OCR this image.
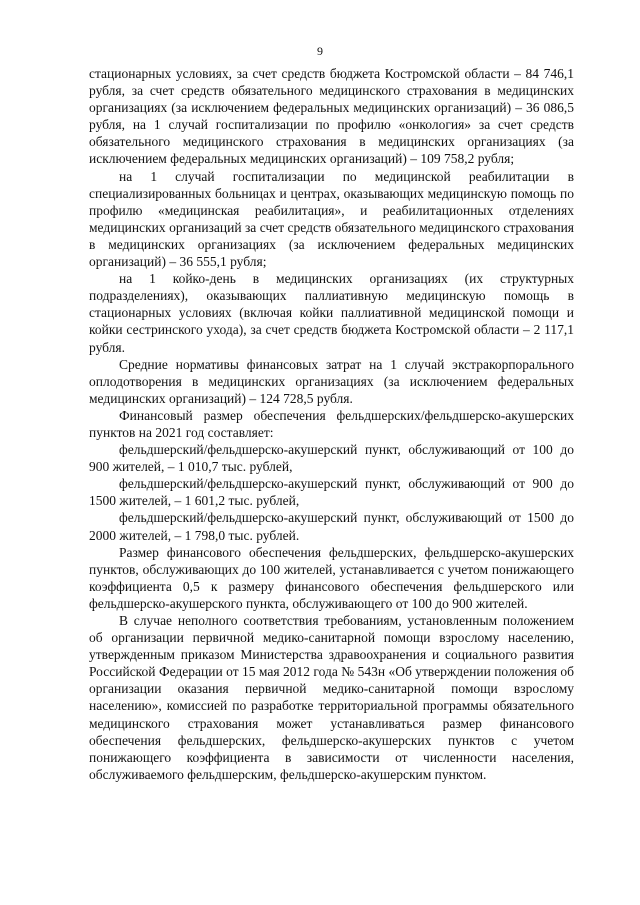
9

стационарных условиях, за счет средств бюджета Костромской области – 84 746,1 рубля, за счет средств обязательного медицинского страхования в медицинских организациях (за исключением федеральных медицинских организаций) – 36 086,5 рубля, на 1 случай госпитализации по профилю «онкология» за счет средств обязательного медицинского страхования в медицинских организациях (за исключением федеральных медицинских организаций) – 109 758,2 рубля;

на 1 случай госпитализации по медицинской реабилитации в специализированных больницах и центрах, оказывающих медицинскую помощь по профилю «медицинская реабилитация», и реабилитационных отделениях медицинских организаций за счет средств обязательного медицинского страхования в медицинских организациях (за исключением федеральных медицинских организаций) – 36 555,1 рубля;

на 1 койко-день в медицинских организациях (их структурных подразделениях), оказывающих паллиативную медицинскую помощь в стационарных условиях (включая койки паллиативной медицинской помощи и койки сестринского ухода), за счет средств бюджета Костромской области – 2 117,1 рубля.

Средние нормативы финансовых затрат на 1 случай экстракорпорального оплодотворения в медицинских организациях (за исключением федеральных медицинских организаций) – 124 728,5 рубля.

Финансовый размер обеспечения фельдшерских/фельдшерско-акушерских пунктов на 2021 год составляет:

фельдшерский/фельдшерско-акушерский пункт, обслуживающий от 100 до 900 жителей, – 1 010,7 тыс. рублей,

фельдшерский/фельдшерско-акушерский пункт, обслуживающий от 900 до 1500 жителей, – 1 601,2 тыс. рублей,

фельдшерский/фельдшерско-акушерский пункт, обслуживающий от 1500 до 2000 жителей, – 1 798,0 тыс. рублей.

Размер финансового обеспечения фельдшерских, фельдшерско-акушерских пунктов, обслуживающих до 100 жителей, устанавливается с учетом понижающего коэффициента 0,5 к размеру финансового обеспечения фельдшерского или фельдшерско-акушерского пункта, обслуживающего от 100 до 900 жителей.

В случае неполного соответствия требованиям, установленным положением об организации первичной медико-санитарной помощи взрослому населению, утвержденным приказом Министерства здравоохранения и социального развития Российской Федерации от 15 мая 2012 года № 543н «Об утверждении положения об организации оказания первичной медико-санитарной помощи взрослому населению», комиссией по разработке территориальной программы обязательного медицинского страхования может устанавливаться размер финансового обеспечения фельдшерских, фельдшерско-акушерских пунктов с учетом понижающего коэффициента в зависимости от численности населения, обслуживаемого фельдшерским, фельдшерско-акушерским пунктом.
